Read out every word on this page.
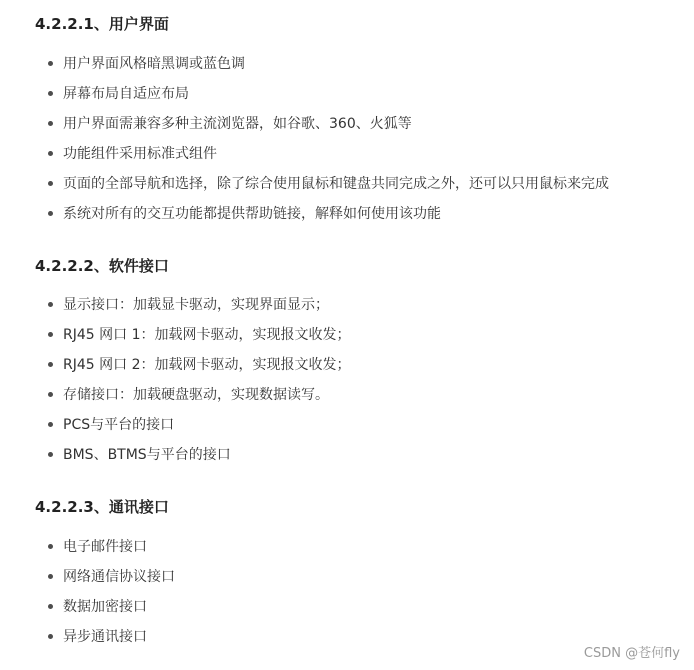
4.2.2.1、用户界面
用户界面风格暗黑调或蓝色调
屏幕布局自适应布局
用户界面需兼容多种主流浏览器，如谷歌、360、火狐等
功能组件采用标准式组件
页面的全部导航和选择，除了综合使用鼠标和键盘共同完成之外，还可以只用鼠标来完成
系统对所有的交互功能都提供帮助链接，解释如何使用该功能
4.2.2.2、软件接口
显示接口：加载显卡驱动，实现界面显示；
RJ45 网口 1：加载网卡驱动，实现报文收发；
RJ45 网口 2：加载网卡驱动，实现报文收发；
存储接口：加载硬盘驱动，实现数据读写。
PCS与平台的接口
BMS、BTMS与平台的接口
4.2.2.3、通讯接口
电子邮件接口
网络通信协议接口
数据加密接口
异步通讯接口
CSDN @苍何fly
